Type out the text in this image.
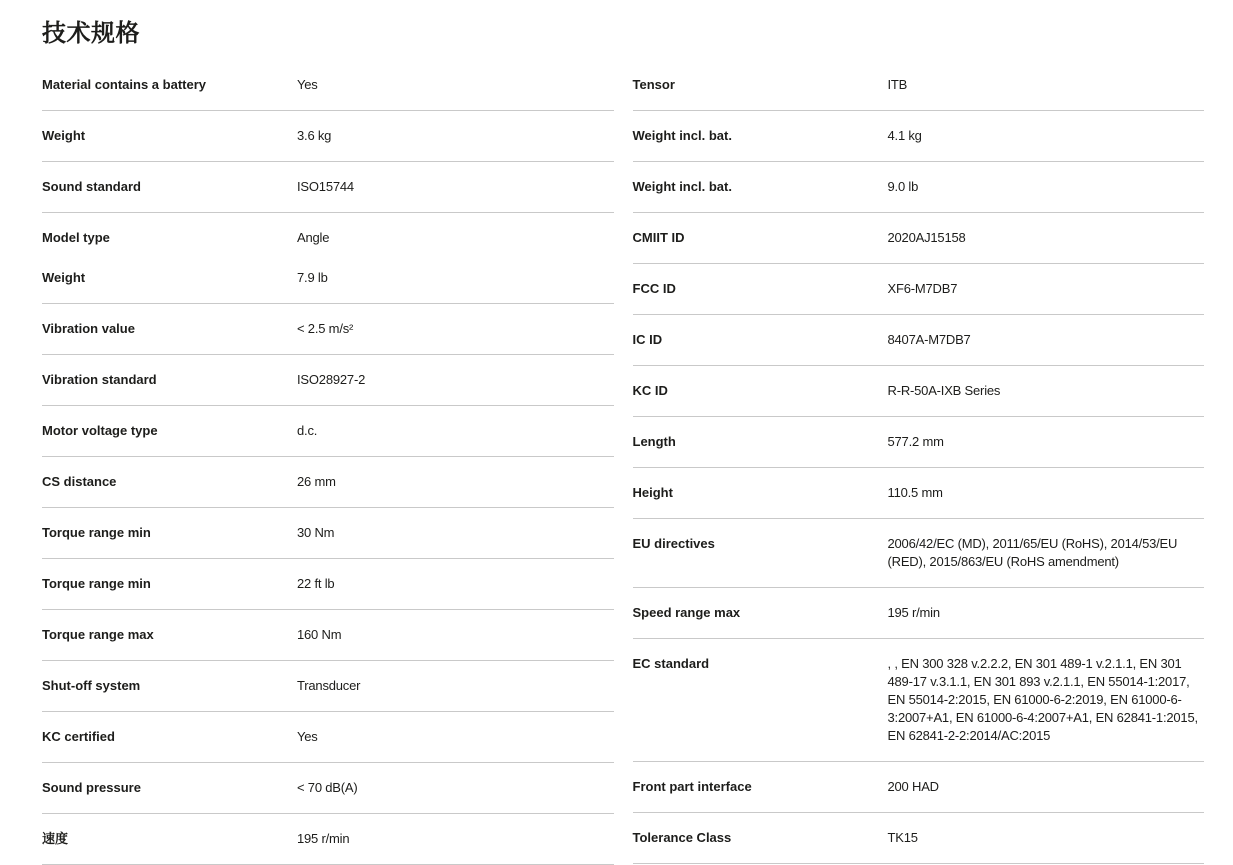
技术规格
Material contains a battery	Yes
Weight	3.6 kg
Sound standard	ISO15744
Model type	Angle
Weight	7.9 lb
Vibration value	< 2.5 m/s²
Vibration standard	ISO28927-2
Motor voltage type	d.c.
CS distance	26 mm
Torque range min	30 Nm
Torque range min	22 ft lb
Torque range max	160 Nm
Shut-off system	Transducer
KC certified	Yes
Sound pressure	< 70 dB(A)
速度	195 r/min
Tensor	ITB
Weight incl. bat.	4.1 kg
Weight incl. bat.	9.0 lb
CMIIT ID	2020AJ15158
FCC ID	XF6-M7DB7
IC ID	8407A-M7DB7
KC ID	R-R-50A-IXB Series
Length	577.2 mm
Height	110.5 mm
EU directives	2006/42/EC (MD), 2011/65/EU (RoHS), 2014/53/EU (RED), 2015/863/EU (RoHS amendment)
Speed range max	195 r/min
EC standard	, , EN 300 328 v.2.2.2, EN 301 489-1 v.2.1.1, EN 301 489-17 v.3.1.1, EN 301 893 v.2.1.1, EN 55014-1:2017, EN 55014-2:2015, EN 61000-6-2:2019, EN 61000-6-3:2007+A1, EN 61000-6-4:2007+A1, EN 62841-1:2015, EN 62841-2-2:2014/AC:2015
Front part interface	200 HAD
Tolerance Class	TK15
